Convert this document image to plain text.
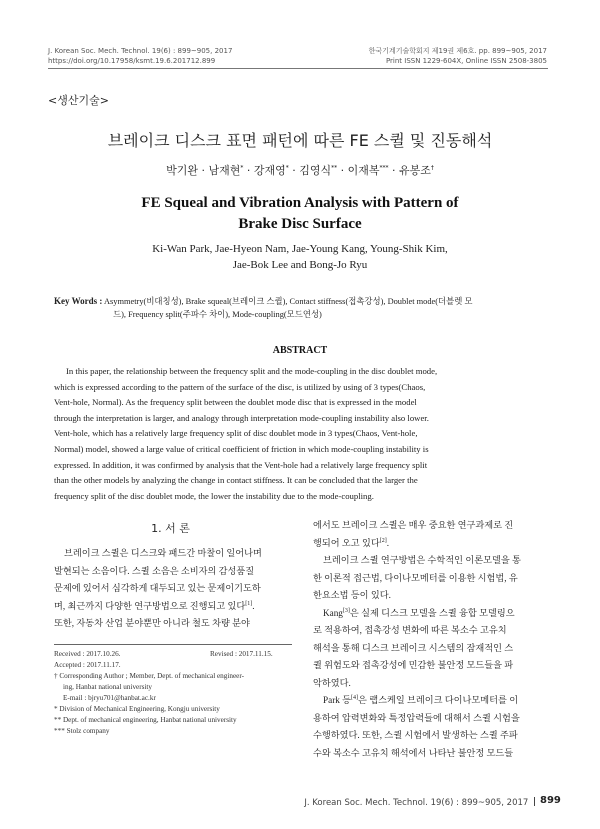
J. Korean Soc. Mech. Technol. 19(6) : 899~905, 2017
https://doi.org/10.17958/ksmt.19.6.201712.899
한국기계기술학회지 제19권 제6호. pp. 899~905, 2017
Print ISSN 1229-604X, Online ISSN 2508-3805
<생산기술>
브레이크 디스크 표면 패턴에 따른 FE 스퀼 및 진동해석
박기완 · 남재현* · 강재영* · 김영식** · 이재복*** · 유봉조†
FE Squeal and Vibration Analysis with Pattern of
Brake Disc Surface
Ki-Wan Park, Jae-Hyeon Nam, Jae-Young Kang, Young-Shik Kim,
Jae-Bok Lee and Bong-Jo Ryu
Key Words : Asymmetry(비대칭성), Brake squeal(브레이크 스퀼), Contact stiffness(접촉강성), Doublet mode(더블렛 모
드), Frequency split(주파수 차이), Mode-coupling(모드연성)
ABSTRACT
In this paper, the relationship between the frequency split and the mode-coupling in the disc doublet mode,
which is expressed according to the pattern of the surface of the disc, is utilized by using of 3 types(Chaos,
Vent-hole, Normal). As the frequency split between the doublet mode disc that is expressed in the model
through the interpretation is larger, and analogy through interpretation mode-coupling instability also lower.
Vent-hole, which has a relatively large frequency split of disc doublet mode in 3 types(Chaos, Vent-hole,
Normal) model, showed a large value of critical coefficient of friction in which mode-coupling instability is
expressed. In addition, it was confirmed by analysis that the Vent-hole had a relatively large frequency split
than the other models by analyzing the change in contact stiffness. It can be concluded that the larger the
frequency split of the disc doublet mode, the lower the instability due to the mode-coupling.
1. 서 론
브레이크 스퀼은 디스크와 패드간 마찰이 일어나며
발현되는 소음이다. 스퀼 소음은 소비자의 감성품질
문제에 있어서 심각하게 대두되고 있는 문제이기도하
며, 최근까지 다양한 연구방법으로 진행되고 있다[1].
또한, 자동차 산업 분야뿐만 아니라 철도 차량 분야
Received : 2017.10.26.	Revised : 2017.11.15.
Accepted : 2017.11.17.
† Corresponding Author ; Member, Dept. of mechanical engineer-
ing, Hanbat national university
E-mail : bjryu701@hanbat.ac.kr
* Division of Mechanical Engineering, Kongju university
** Dept. of mechanical engineering, Hanbat national university
*** Stolz company
에서도 브레이크 스퀼은 매우 중요한 연구과제로 진
행되어 오고 있다[2].
브레이크 스퀼 연구방법은 수학적인 이론모델을 통
한 이론적 접근법, 다이나모메터를 이용한 시험법, 유
한요소법 등이 있다.
Kang[3]은 실제 디스크 모델을 스퀼 융합 모델링으
로 적용하여, 접촉강성 변화에 따른 복소수 고유치
해석을 통해 디스크 브레이크 시스템의 잠재적인 스
퀼 위험도와 접촉강성에 민감한 불안정 모드들을 파
악하였다.
Park 등[4]은 랩스케일 브레이크 다이나모메터를 이
용하여 압력변화와 특정압력들에 대해서 스퀼 시험을
수행하였다. 또한, 스퀼 시험에서 발생하는 스퀼 주파
수와 복소수 고유치 해석에서 나타난 불안정 모드들
J. Korean Soc. Mech. Technol. 19(6) : 899~905, 2017	899
